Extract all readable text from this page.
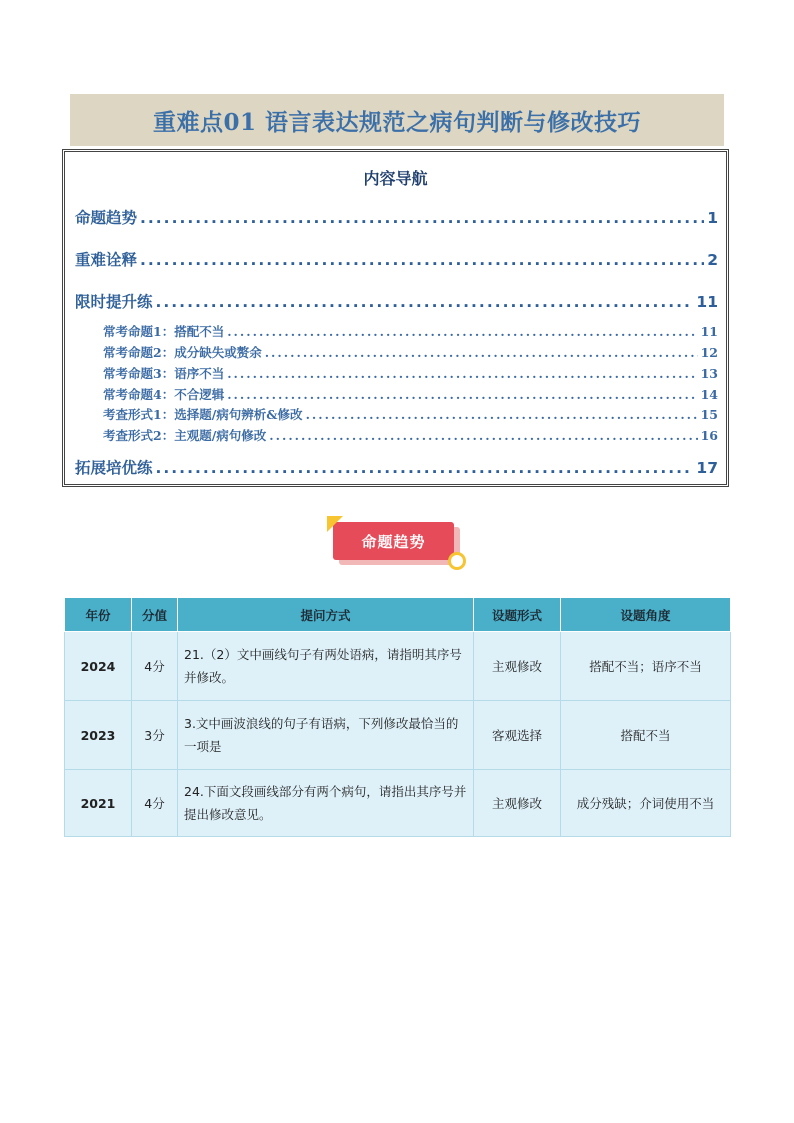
重难点01 语言表达规范之病句判断与修改技巧
内容导航
命题趋势 .....	1
重难诠释 .....	2
限时提升练 .....	11
常考命题1：搭配不当 .....	11
常考命题2：成分缺失或赘余 .....	12
常考命题3：语序不当 .....	13
常考命题4：不合逻辑 .....	14
考查形式1：选择题/病句辨析&修改 .....	15
考查形式2：主观题/病句修改 .....	16
拓展培优练 .....	17
命题趋势
年份	分值	提问方式	设题形式	设题角度
2024	4分	21.（2）文中画线句子有两处语病，请指明其序号并修改。	主观修改	搭配不当；语序不当
2023	3分	3.文中画波浪线的句子有语病，下列修改最恰当的一项是	客观选择	搭配不当
2021	4分	24.下面文段画线部分有两个病句，请指出其序号并提出修改意见。	主观修改	成分残缺；介词使用不当
